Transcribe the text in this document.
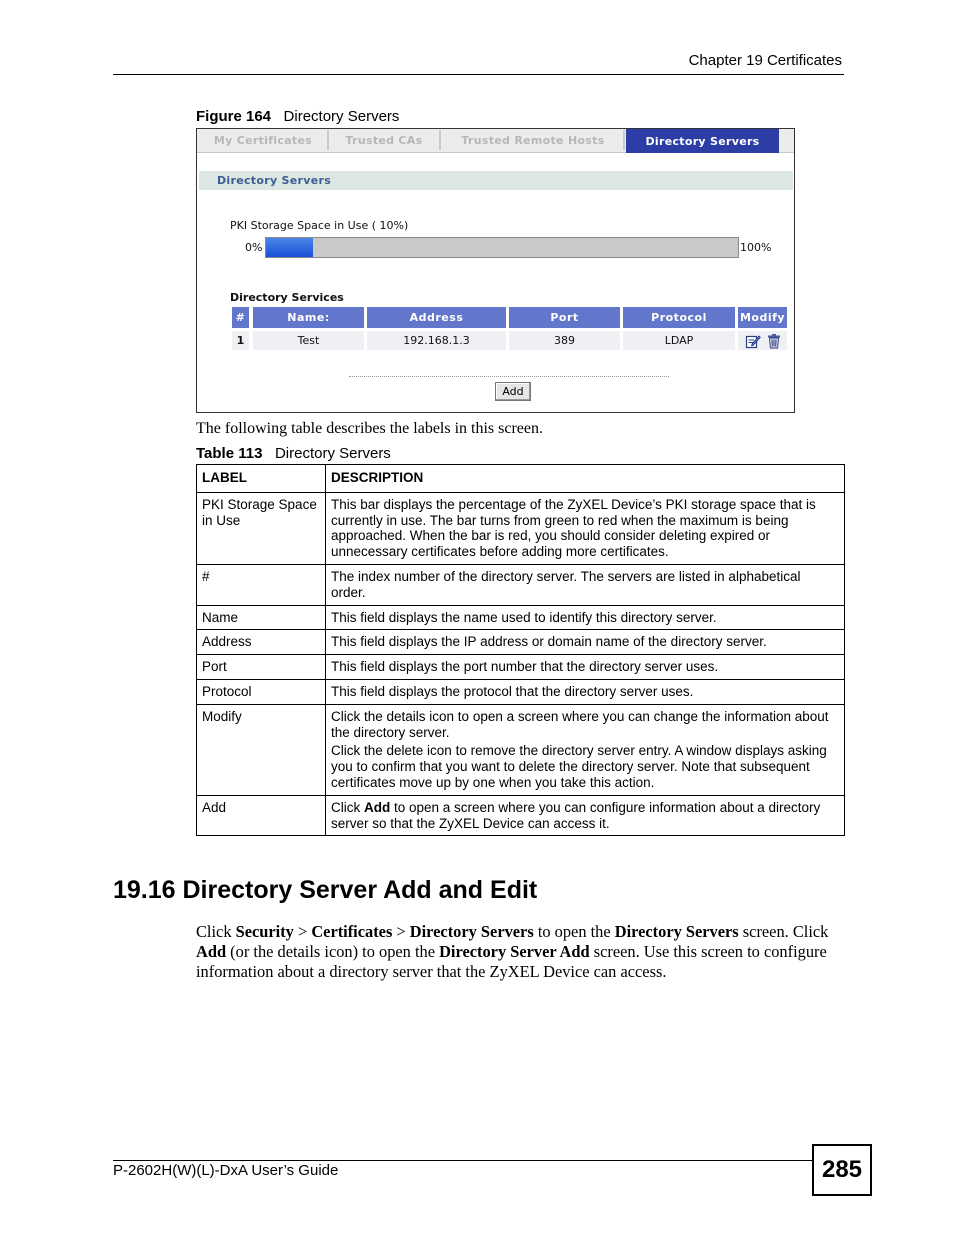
Chapter 19 Certificates
Figure 164 Directory Servers
My Certificates	Trusted CAs	Trusted Remote Hosts	Directory Servers
Directory Servers
PKI Storage Space in Use ( 10%)
0%	100%
Directory Services
#	Name:	Address	Port	Protocol	Modify
1	Test	192.168.1.3	389	LDAP
Add
The following table describes the labels in this screen.
Table 113 Directory Servers
LABEL	DESCRIPTION
PKI Storage Space in Use	This bar displays the percentage of the ZyXEL Device’s PKI storage space that is currently in use. The bar turns from green to red when the maximum is being approached. When the bar is red, you should consider deleting expired or unnecessary certificates before adding more certificates.

#	The index number of the directory server. The servers are listed in alphabetical order.

Name	This field displays the name used to identify this directory server.

Address	This field displays the IP address or domain name of the directory server.

Port	This field displays the port number that the directory server uses.

Protocol	This field displays the protocol that the directory server uses.

Modify	Click the details icon to open a screen where you can change the information about the directory server.

Click the delete icon to remove the directory server entry. A window displays asking you to confirm that you want to delete the directory server. Note that subsequent certificates move up by one when you take this action.

Add	Click Add to open a screen where you can configure information about a directory server so that the ZyXEL Device can access it.

19.16 Directory Server Add and Edit
Click Security > Certificates > Directory Servers to open the Directory Servers screen. Click Add (or the details icon) to open the Directory Server Add screen. Use this screen to configure information about a directory server that the ZyXEL Device can access.
P-2602H(W)(L)-DxA User’s Guide	285
